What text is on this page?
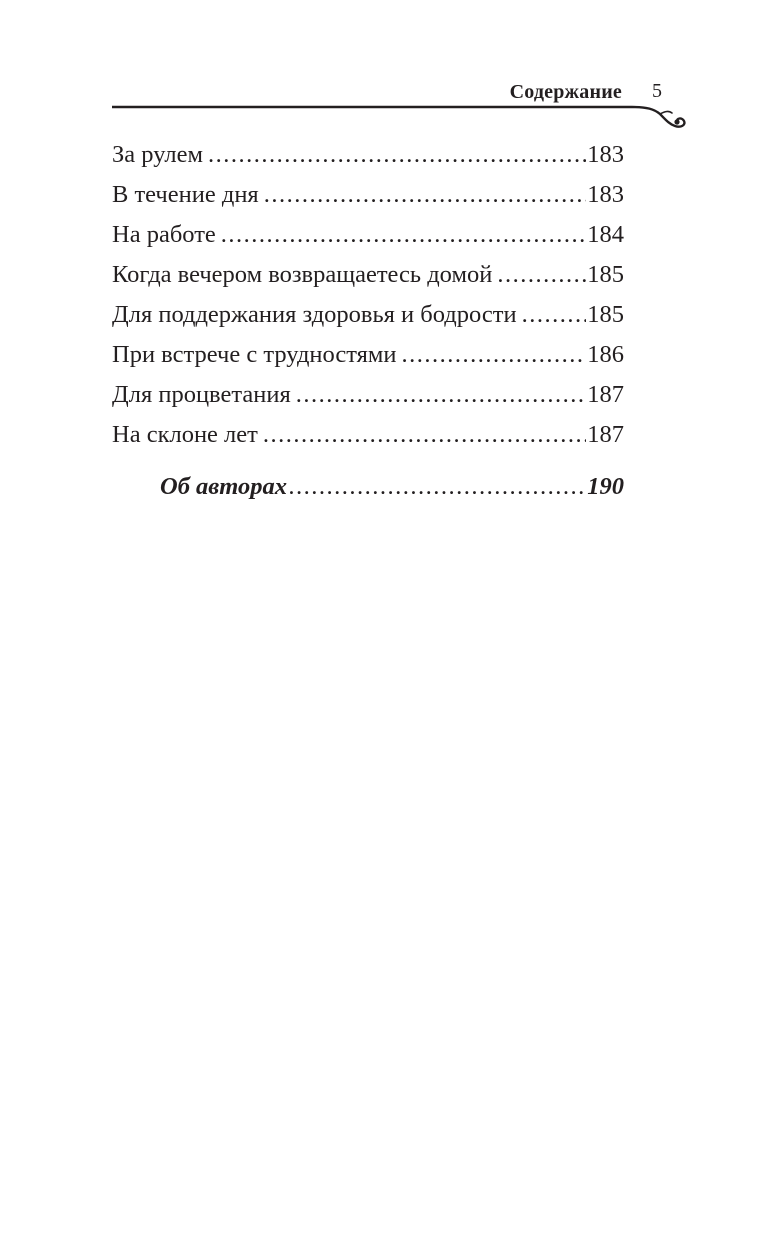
Содержание 5
За рулем .....	183
В течение дня .....	183
На работе .....	184
Когда вечером возвращаетесь домой .....	185
Для поддержания здоровья и бодрости .....	185
При встрече с трудностями .....	186
Для процветания .....	187
На склоне лет .....	187
Об авторах .....	190
